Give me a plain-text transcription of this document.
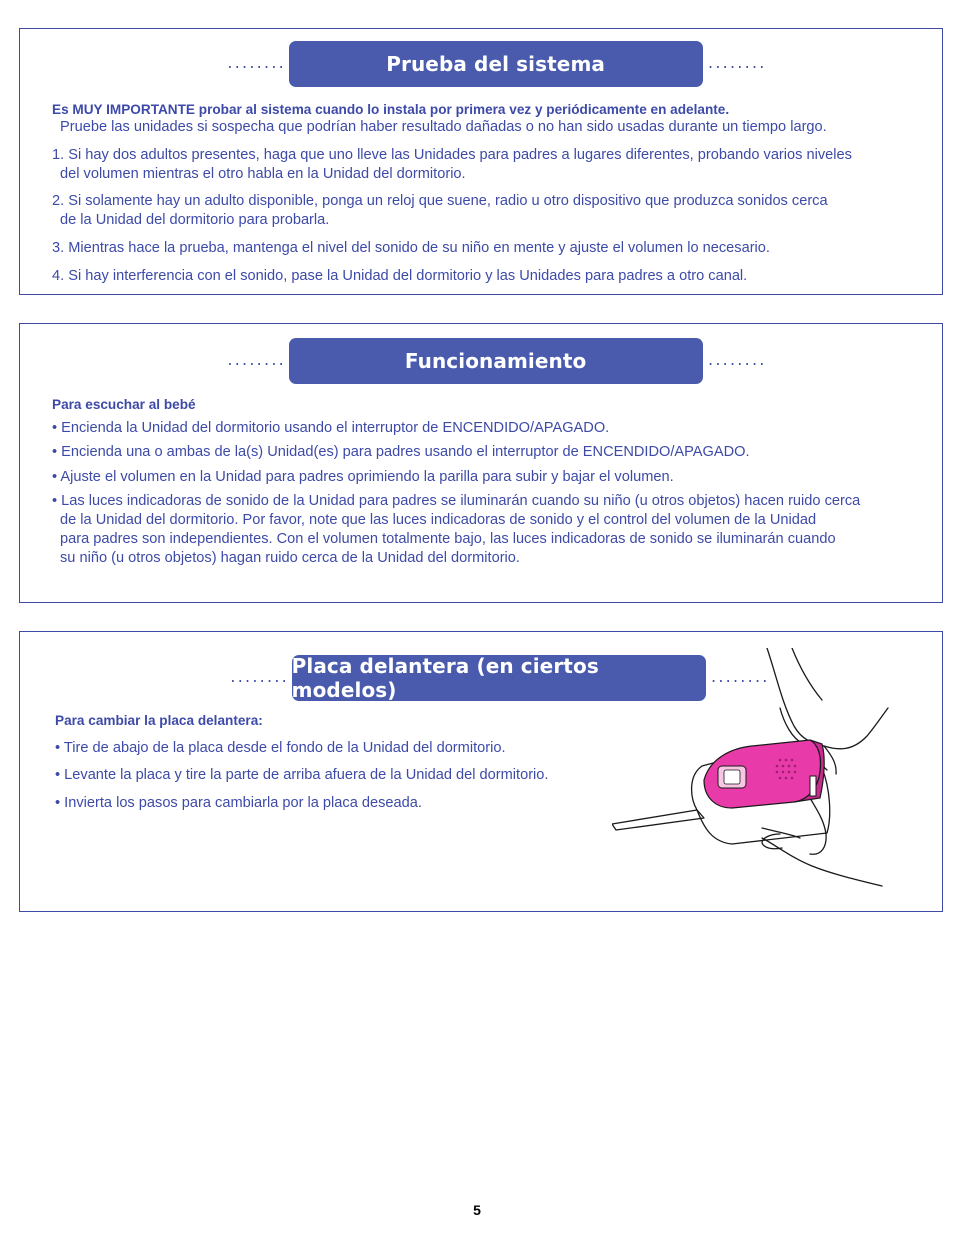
........	Prueba del sistema	........
Es MUY IMPORTANTE probar al sistema cuando lo instala por primera vez y periódicamente en adelante.
Pruebe las unidades si sospecha que podrían haber resultado dañadas o no han sido usadas durante un tiempo largo.
1. Si hay dos adultos presentes, haga que uno lleve las Unidades para padres a lugares diferentes, probando varios niveles
del volumen mientras el otro habla en la Unidad del dormitorio.
2. Si solamente hay un adulto disponible, ponga un reloj que suene, radio u otro dispositivo que produzca sonidos cerca
de la Unidad del dormitorio para probarla.
3. Mientras hace la prueba, mantenga el nivel del sonido de su niño en mente y ajuste el volumen lo necesario.
4. Si hay interferencia con el sonido, pase la Unidad del dormitorio y las Unidades para padres a otro canal.
........	Funcionamiento	........
Para escuchar al bebé
• Encienda la Unidad del dormitorio usando el interruptor de ENCENDIDO/APAGADO.
• Encienda una o ambas de la(s) Unidad(es) para padres usando el interruptor de ENCENDIDO/APAGADO.
• Ajuste el volumen en la Unidad para padres oprimiendo la parilla para subir y bajar el volumen.
• Las luces indicadoras de sonido de la Unidad para padres se iluminarán cuando su niño (u otros objetos) hacen ruido cerca
de la Unidad del dormitorio. Por favor, note que las luces indicadoras de sonido y el control del volumen de la Unidad
para padres son independientes. Con el volumen totalmente bajo, las luces indicadoras de sonido se iluminarán cuando
su niño (u otros objetos) hagan ruido cerca de la Unidad del dormitorio.
........ Placa delantera (en ciertos modelos)	........
Para cambiar la placa delantera:
• Tire de abajo de la placa desde el fondo de la Unidad del dormitorio.
• Levante la placa y tire la parte de arriba afuera de la Unidad del dormitorio.
• Invierta los pasos para cambiarla por la placa deseada.
5
